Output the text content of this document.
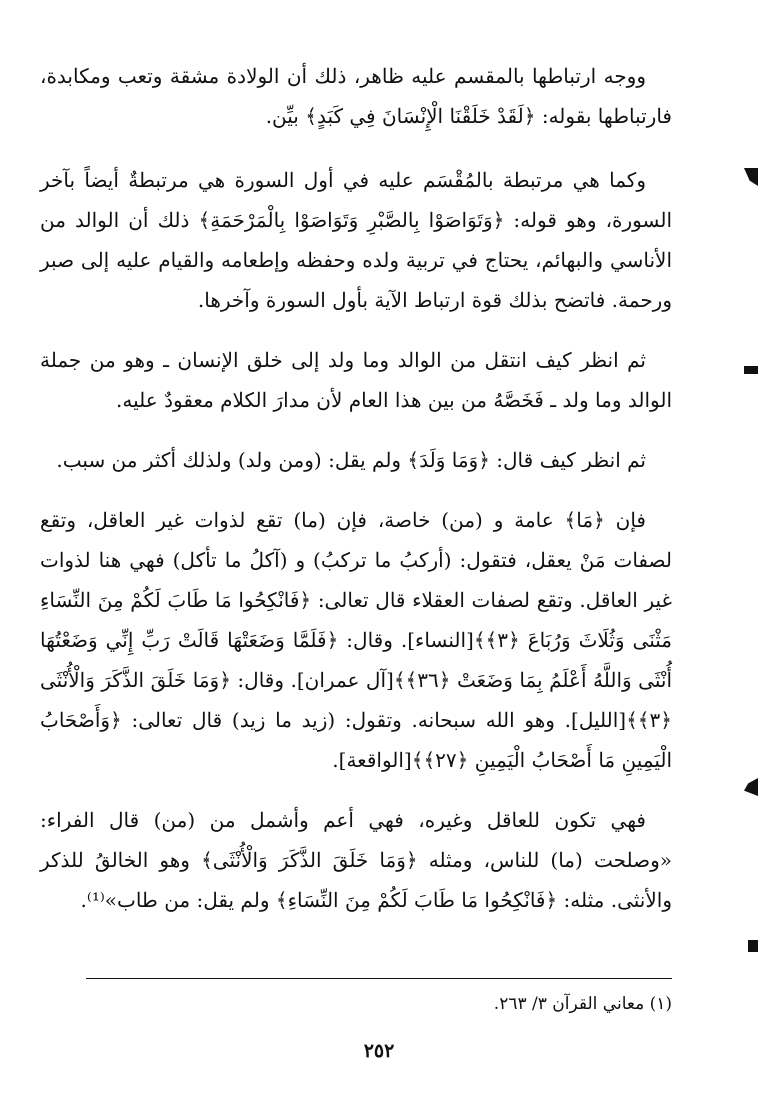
ووجه ارتباطها بالمقسم عليه ظاهر، ذلك أن الولادة مشقة وتعب ومكابدة، فارتباطها بقوله: ﴿لَقَدْ خَلَقْنَا الْإِنْسَانَ فِي كَبَدٍ﴾ بيِّن.

وكما هي مرتبطة بالمُقْسَم عليه في أول السورة هي مرتبطةٌ أيضاً بآخر السورة، وهو قوله: ﴿وَتَوَاصَوْا بِالصَّبْرِ وَتَوَاصَوْا بِالْمَرْحَمَةِ﴾ ذلك أن الوالد من الأناسي والبهائم، يحتاج في تربية ولده وحفظه وإطعامه والقيام عليه إلى صبر ورحمة. فاتضح بذلك قوة ارتباط الآية بأول السورة وآخرها.

ثم انظر كيف انتقل من الوالد وما ولد إلى خلق الإنسان ـ وهو من جملة الوالد وما ولد ـ فَخَصَّهُ من بين هذا العام لأن مدارَ الكلام معقودٌ عليه.

ثم انظر كيف قال: ﴿وَمَا وَلَدَ﴾ ولم يقل: (ومن ولد) ولذلك أكثر من سبب.

فإن ﴿مَا﴾ عامة و (من) خاصة، فإن (ما) تقع لذوات غير العاقل، وتقع لصفات مَنْ يعقل، فتقول: (أركبُ ما تركبُ) و (آكلُ ما تأكل) فهي هنا لذوات غير العاقل. وتقع لصفات العقلاء قال تعالى: ﴿فَانْكِحُوا مَا طَابَ لَكُمْ مِنَ النِّسَاءِ مَثْنَى وَثُلَاثَ وَرُبَاعَ ﴿٣﴾﴾[النساء]. وقال: ﴿فَلَمَّا وَضَعَتْهَا قَالَتْ رَبِّ إِنِّي وَضَعْتُهَا أُنْثَى وَاللَّهُ أَعْلَمُ بِمَا وَضَعَتْ ﴿٣٦﴾﴾[آل عمران]. وقال: ﴿وَمَا خَلَقَ الذَّكَرَ وَالْأُنْثَى ﴿٣﴾﴾[الليل]. وهو الله سبحانه. وتقول: (زيد ما زيد) قال تعالى: ﴿وَأَصْحَابُ الْيَمِينِ مَا أَصْحَابُ الْيَمِينِ ﴿٢٧﴾﴾[الواقعة].

فهي تكون للعاقل وغيره، فهي أعم وأشمل من (من) قال الفراء: «وصلحت (ما) للناس، ومثله ﴿وَمَا خَلَقَ الذَّكَرَ وَالْأُنْثَى﴾ وهو الخالقُ للذكر والأنثى. مثله: ﴿فَانْكِحُوا مَا طَابَ لَكُمْ مِنَ النِّسَاءِ﴾ ولم يقل: من طاب»⁽¹⁾.

(١) معاني القرآن ٣/ ٢٦٣.
٢٥٢
